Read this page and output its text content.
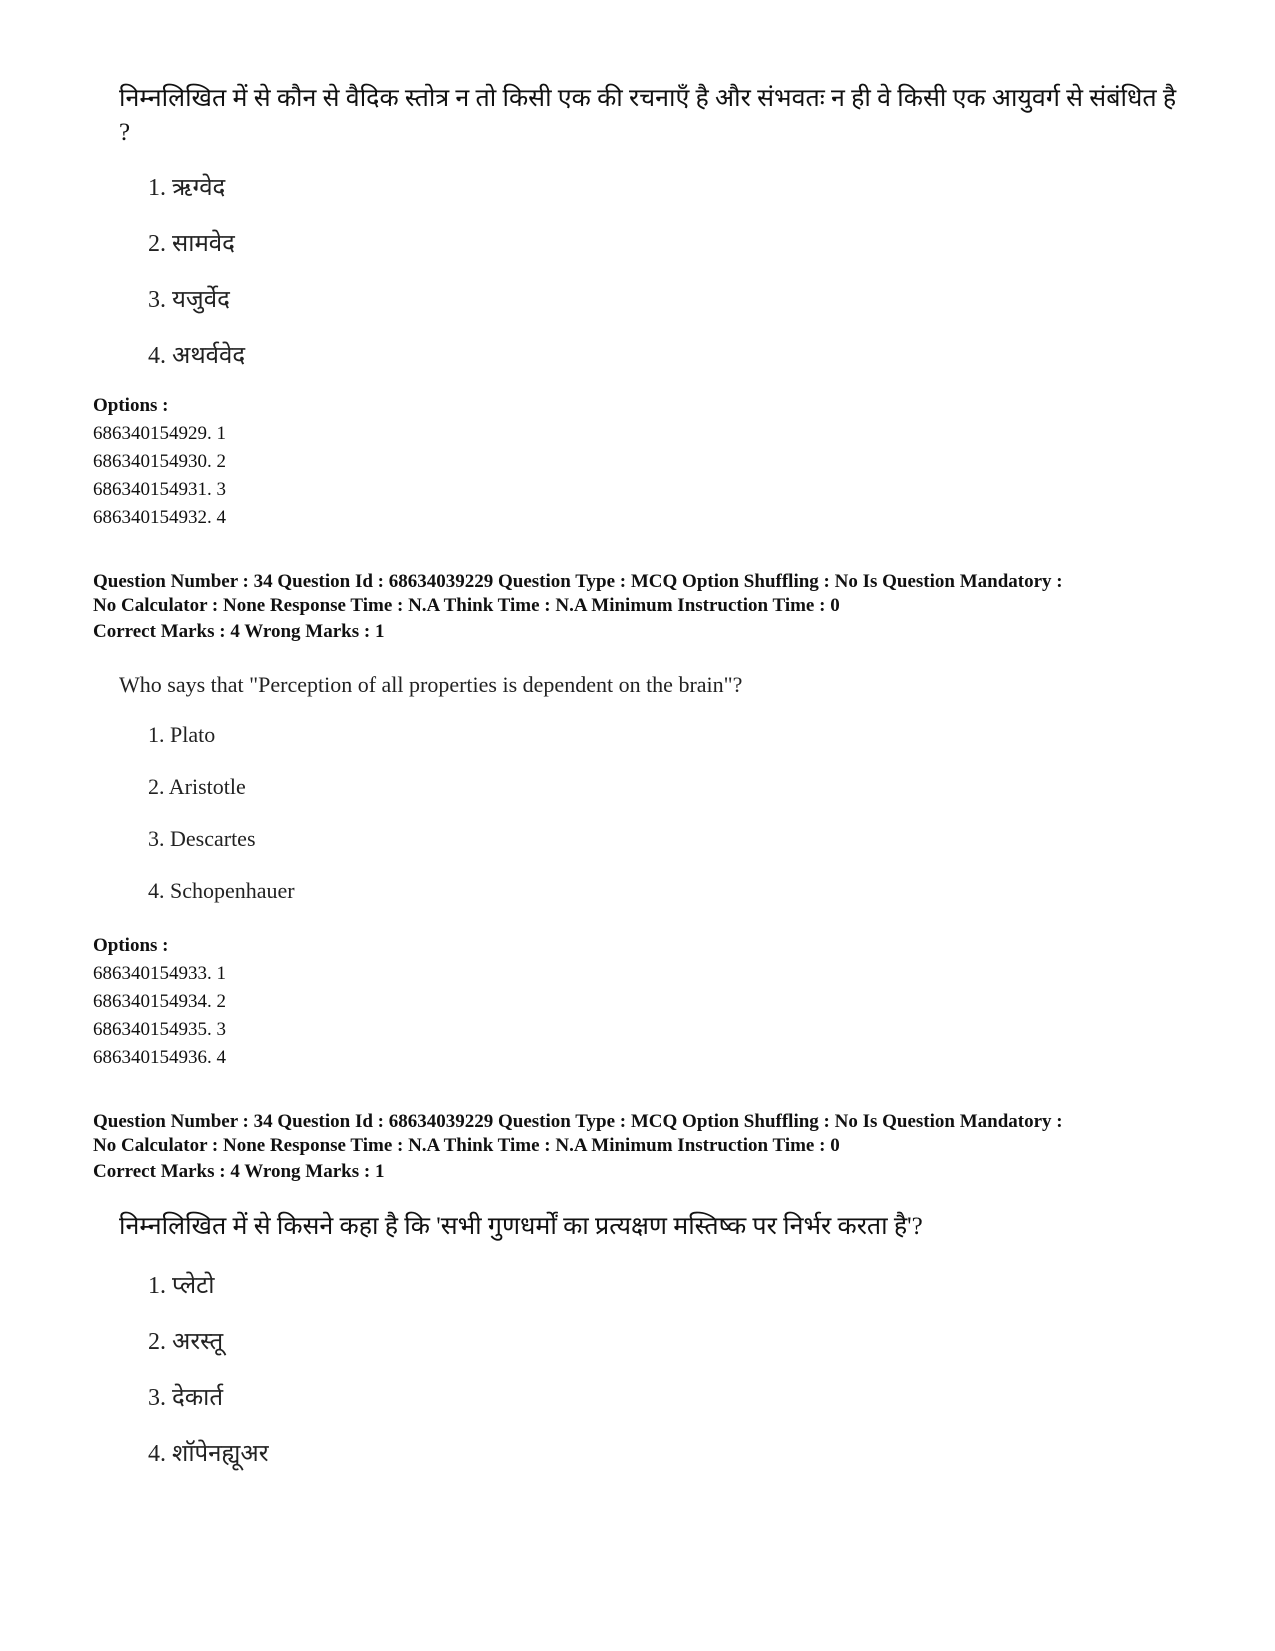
निम्नलिखित में से कौन से वैदिक स्तोत्र न तो किसी एक की रचनाएँ है और संभवतः न ही वे किसी एक आयुवर्ग से संबंधित है ?
1. ऋग्वेद
2. सामवेद
3. यजुर्वेद
4. अथर्ववेद
Options :
686340154929. 1
686340154930. 2
686340154931. 3
686340154932. 4
Question Number : 34 Question Id : 68634039229 Question Type : MCQ Option Shuffling : No Is Question Mandatory :
No Calculator : None Response Time : N.A Think Time : N.A Minimum Instruction Time : 0
Correct Marks : 4 Wrong Marks : 1
Who says that "Perception of all properties is dependent on the brain"?
1. Plato
2. Aristotle
3. Descartes
4. Schopenhauer
Options :
686340154933. 1
686340154934. 2
686340154935. 3
686340154936. 4
Question Number : 34 Question Id : 68634039229 Question Type : MCQ Option Shuffling : No Is Question Mandatory :
No Calculator : None Response Time : N.A Think Time : N.A Minimum Instruction Time : 0
Correct Marks : 4 Wrong Marks : 1
निम्नलिखित में से किसने कहा है कि 'सभी गुणधर्मों का प्रत्यक्षण मस्तिष्क पर निर्भर करता है'?
1. प्लेटो
2. अरस्तू
3. देकार्त
4. शॉपेनह्यूअर
